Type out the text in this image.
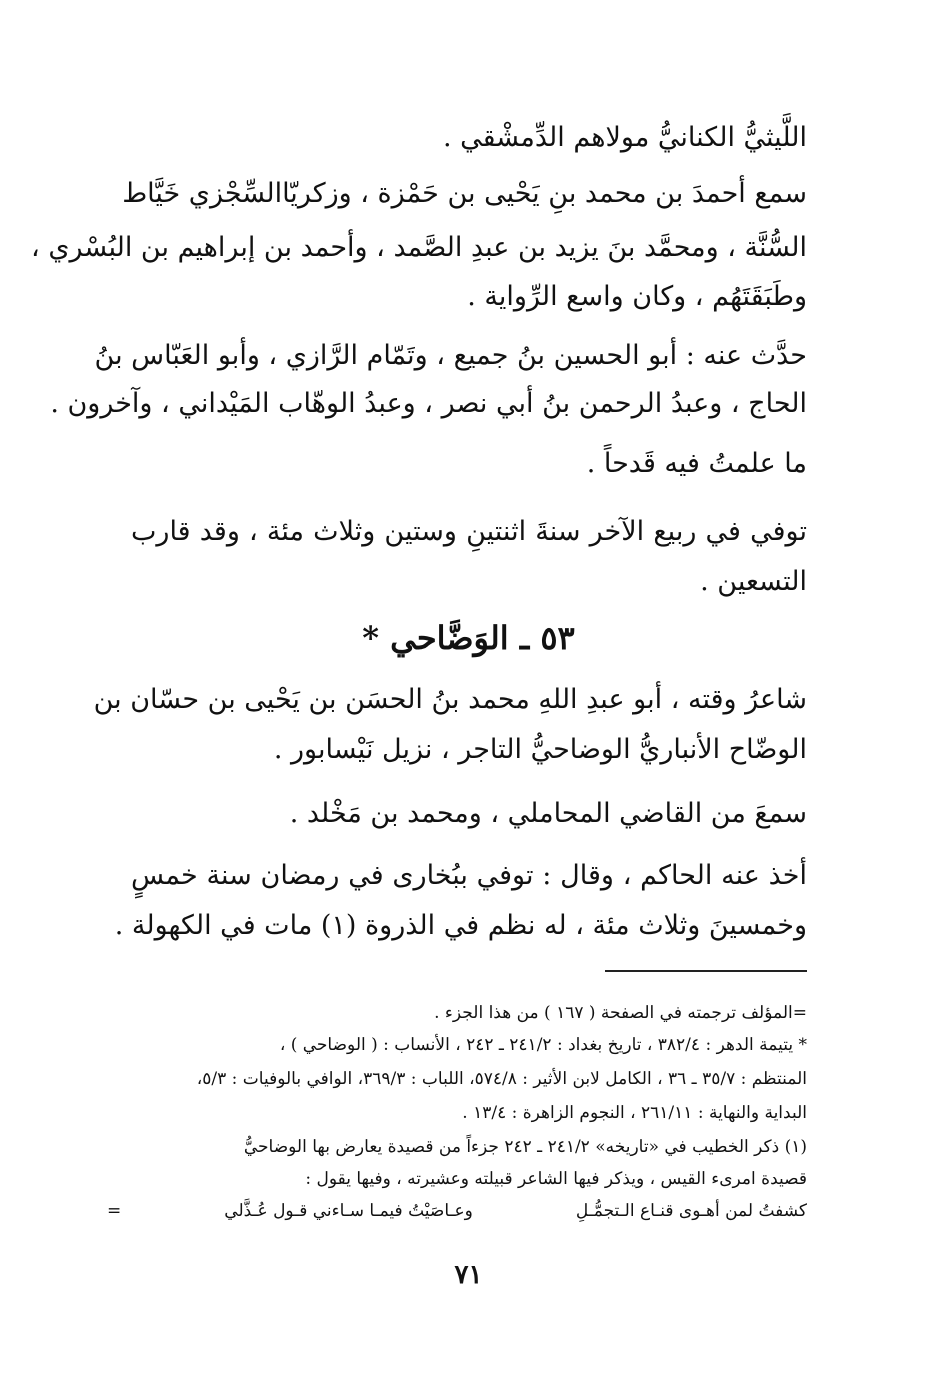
اللَّيثيُّ الكنانيُّ مولاهم الدِّمشْقي .
سمع أحمدَ بن محمد بنِ يَحْيى بن حَمْزة ، وزكريّاالسِّجْزي خَيَّاط
السُّنَّة ، ومحمَّد بنَ يزيد بن عبدِ الصَّمد ، وأحمد بن إبراهيم بن البُسْري ،
وطَبَقَتَهُم ، وكان واسع الرِّواية .
حدَّث عنه : أبو الحسين بنُ جميع ، وتَمّام الرَّازي ، وأبو العَبّاس بنُ
الحاج ، وعبدُ الرحمن بنُ أبي نصر ، وعبدُ الوهّاب المَيْداني ، وآخرون .
ما علمتُ فيه قَدحاً .
توفي في ربيع الآخر سنةَ اثنتينِ وستين وثلاث مئة ، وقد قارب
التسعين .
٥٣ ـ الوَضَّاحي *
شاعرُ وقته ، أبو عبدِ اللهِ محمد بنُ الحسَن بن يَحْيى بن حسّان بن
الوضّاح الأنباريُّ الوضاحيُّ التاجر ، نزيل نَيْسابور .
سمعَ من القاضي المحاملي ، ومحمد بن مَخْلد .
أخذ عنه الحاكم ، وقال : توفي ببُخارى في رمضان سنة خمسٍ
وخمسينَ وثلاث مئة ، له نظم في الذروة (١) مات في الكهولة .
=المؤلف ترجمته في الصفحة ( ١٦٧ ) من هذا الجزء .
* يتيمة الدهر : ٣٨٢/٤ ، تاريخ بغداد : ٢٤١/٢ ـ ٢٤٢ ، الأنساب : ( الوضاحي ) ،
المنتظم : ٣٥/٧ ـ ٣٦ ، الكامل لابن الأثير : ٥٧٤/٨، اللباب : ٣٦٩/٣، الوافي بالوفيات : ٥/٣،
البداية والنهاية : ٢٦١/١١ ، النجوم الزاهرة : ١٣/٤ .
(١) ذكر الخطيب في «تاريخه» ٢٤١/٢ ـ ٢٤٢ جزءاً من قصيدة يعارض بها الوضاحيُّ
قصيدة امرىء القيس ، ويذكر فيها الشاعر قبيلته وعشيرته ، وفيها يقول :
كشفتُ لمن أهـوى قنـاع الـتجمُّـلِ
وعـاصَيْتُ فيمـا سـاءني قـول عُـذَّلي
=
٧١
